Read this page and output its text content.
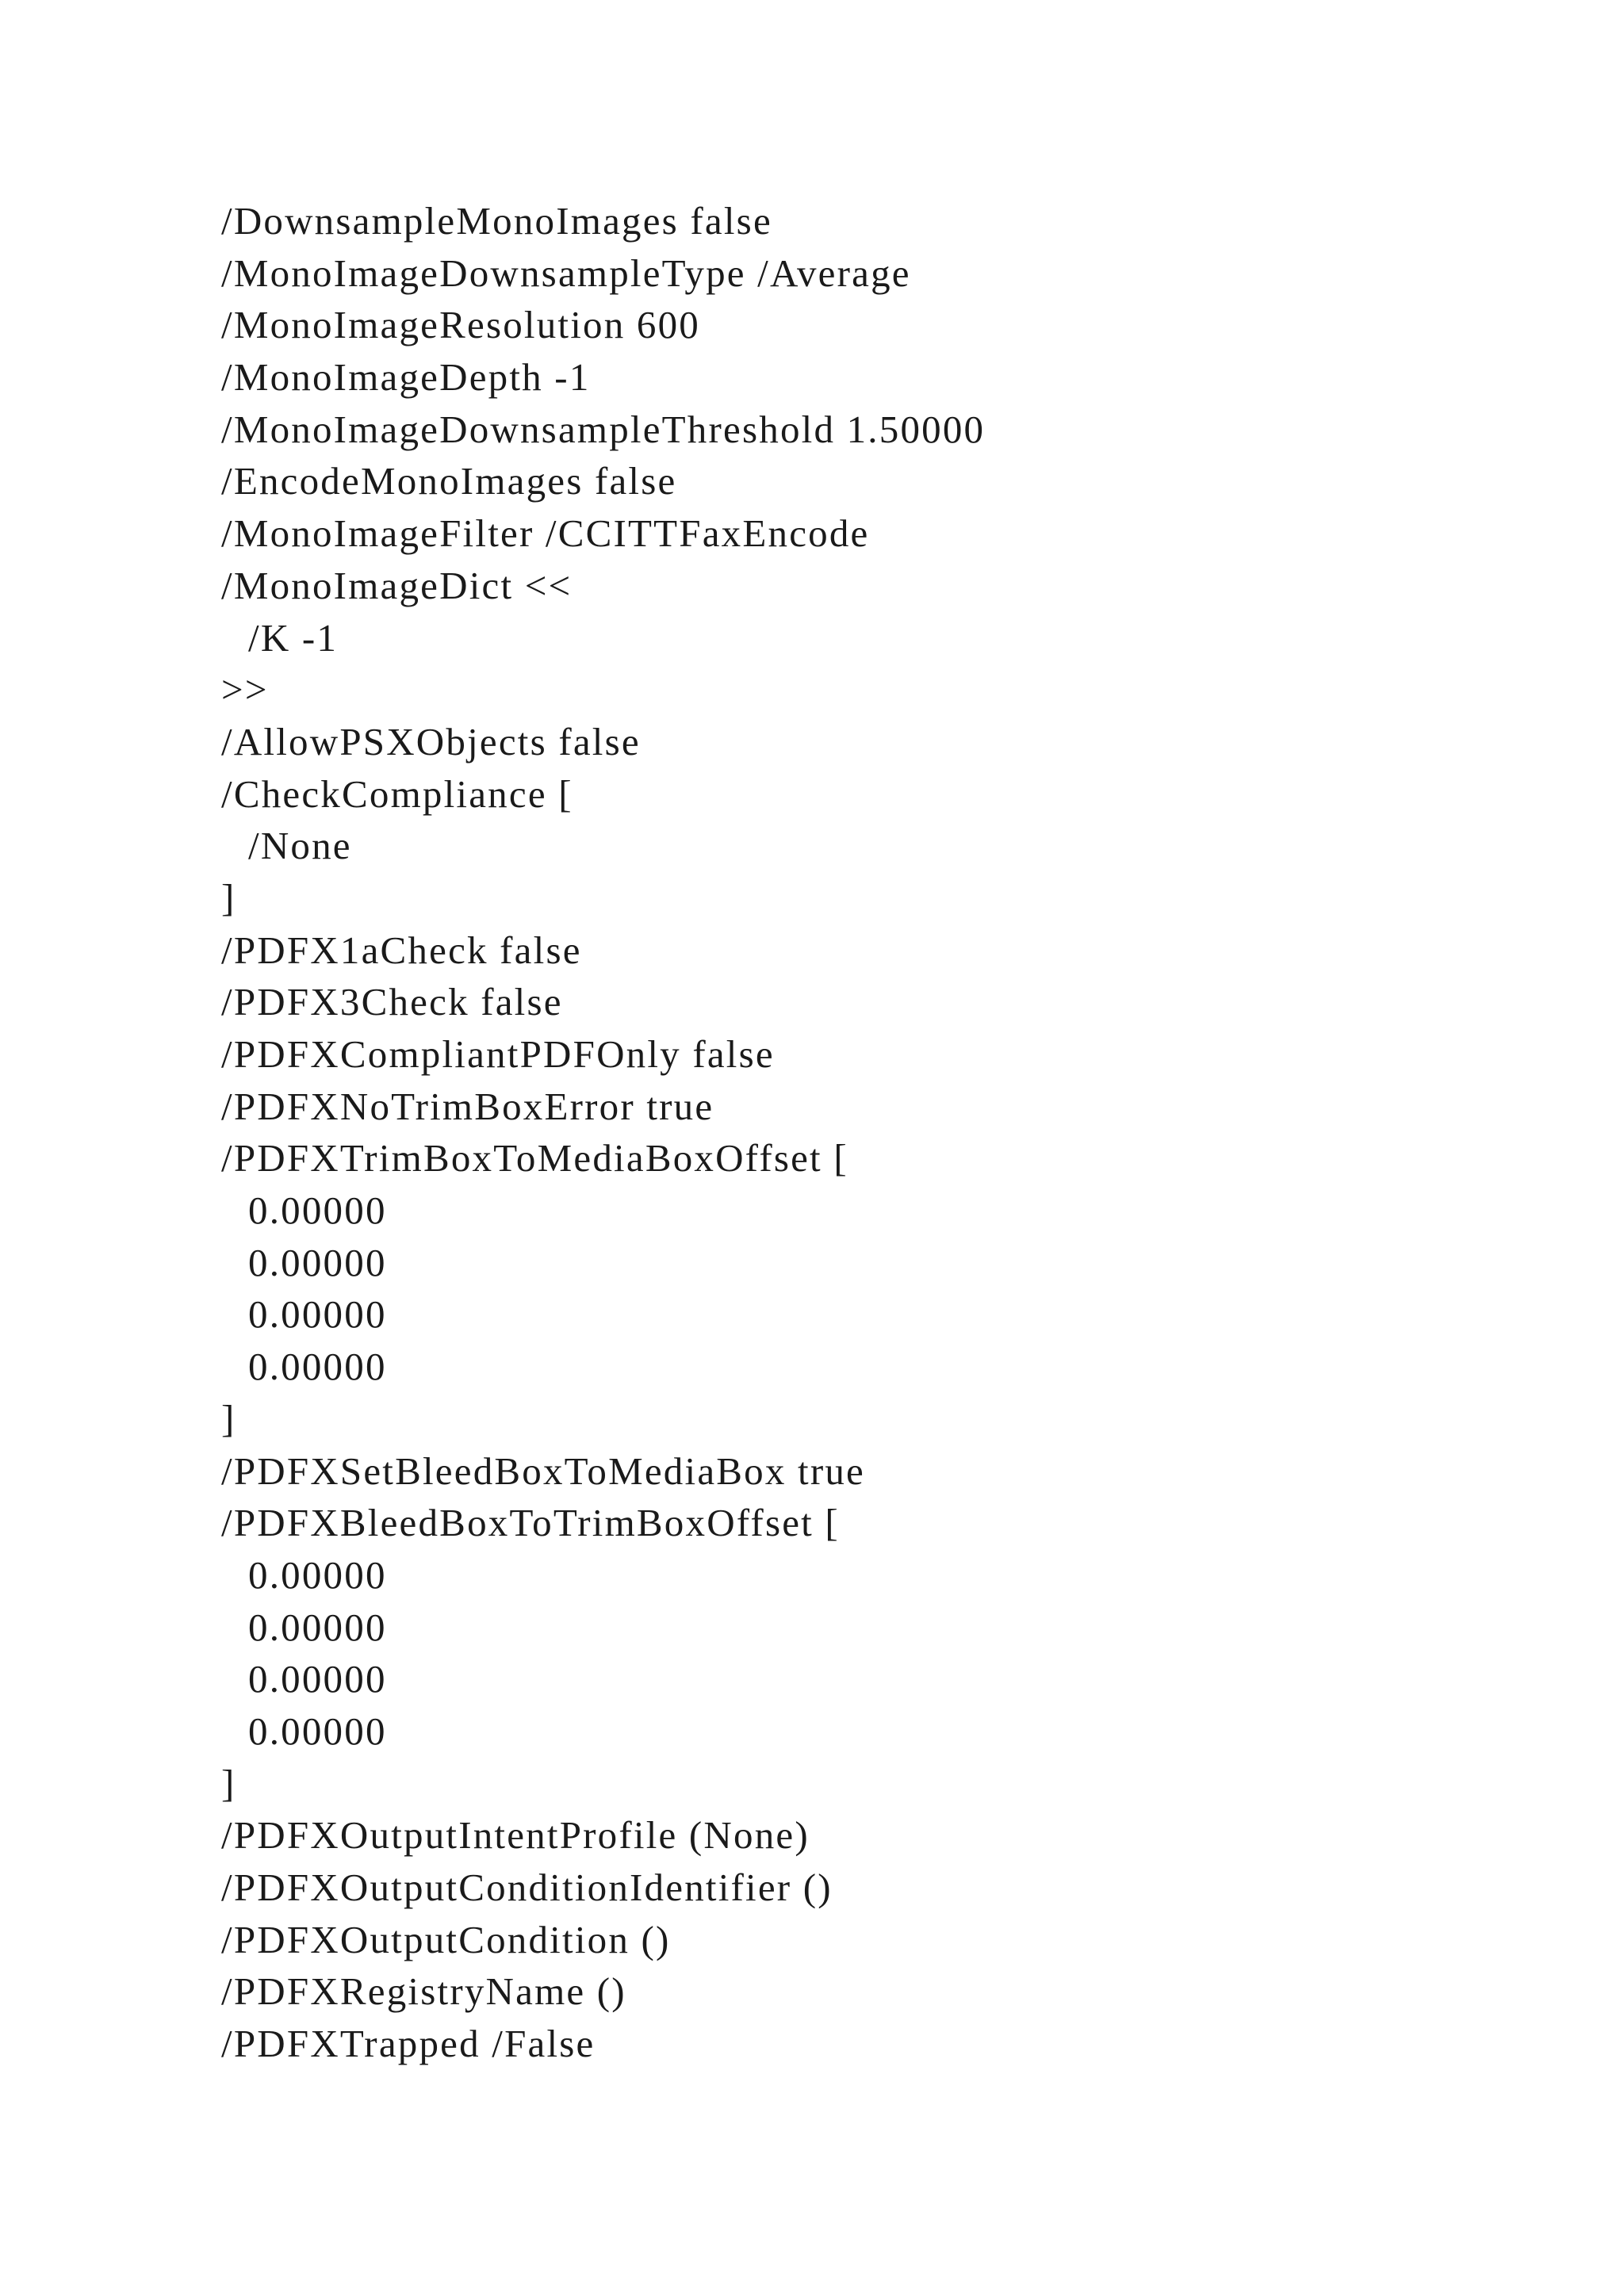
/DownsampleMonoImages false
/MonoImageDownsampleType /Average
/MonoImageResolution 600
/MonoImageDepth -1
/MonoImageDownsampleThreshold 1.50000
/EncodeMonoImages false
/MonoImageFilter /CCITTFaxEncode
/MonoImageDict <<
/K -1
>>
/AllowPSXObjects false
/CheckCompliance [
/None
]
/PDFX1aCheck false
/PDFX3Check false
/PDFXCompliantPDFOnly false
/PDFXNoTrimBoxError true
/PDFXTrimBoxToMediaBoxOffset [
0.00000
0.00000
0.00000
0.00000
]
/PDFXSetBleedBoxToMediaBox true
/PDFXBleedBoxToTrimBoxOffset [
0.00000
0.00000
0.00000
0.00000
]
/PDFXOutputIntentProfile (None)
/PDFXOutputConditionIdentifier ()
/PDFXOutputCondition ()
/PDFXRegistryName ()
/PDFXTrapped /False
